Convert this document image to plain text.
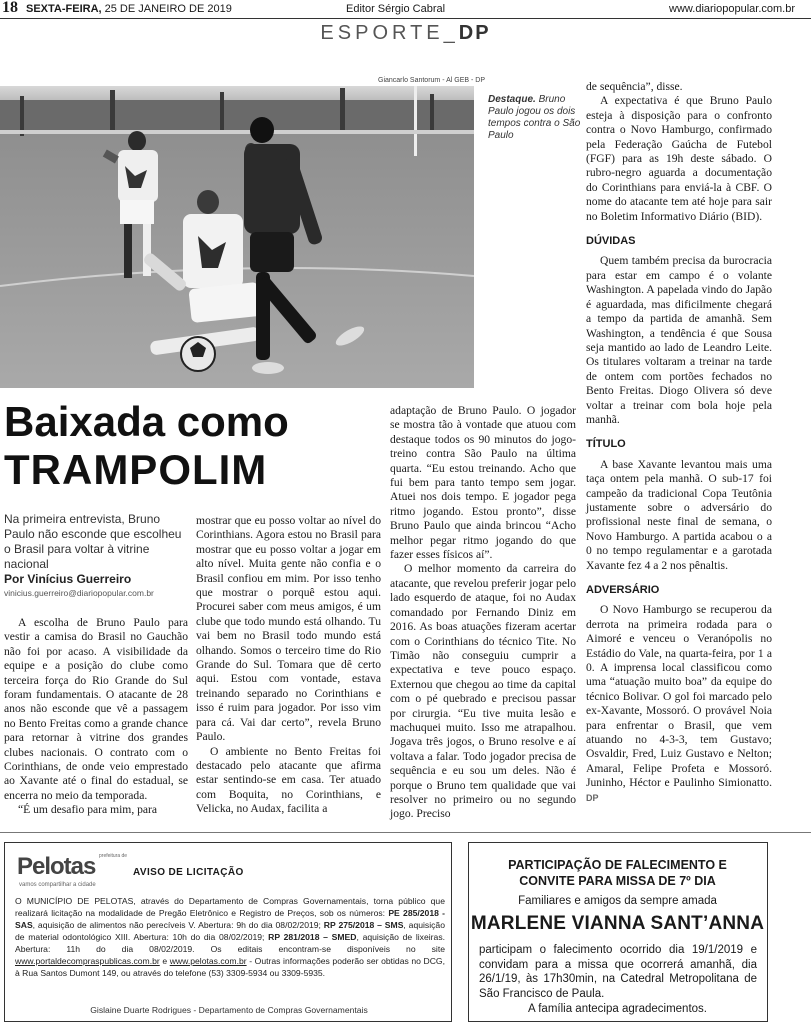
18 SEXTA-FEIRA, 25 DE JANEIRO DE 2019	Editor Sérgio Cabral	www.diariopopular.com.br
ESPORTE_DP
Giancarlo Santorum - Al GEB - DP
Destaque. Bruno Paulo jogou os dois tempos contra o São Paulo
Baixada como
TRAMPOLIM
Na primeira entrevista, Bruno Paulo não esconde que escolheu o Brasil para voltar à vitrine nacional
Por Vinícius Guerreiro
vinicius.guerreiro@diariopopular.com.br

A escolha de Bruno Paulo para vestir a camisa do Brasil no Gauchão não foi por acaso. A visibilidade da equipe e a posição do clube como terceira força do Rio Grande do Sul foram fundamentais. O atacante de 28 anos não esconde que vê a passagem no Bento Freitas como a grande chance para retornar à vitrine dos grandes clubes nacionais. O contrato com o Corinthians, de onde veio emprestado ao Xavante até o final do estadual, se encerra no meio da temporada.

“É um desafio para mim, para

mostrar que eu posso voltar ao nível do Corinthians. Agora estou no Brasil para mostrar que eu posso voltar a jogar em alto nível. Muita gente não confia e o Brasil confiou em mim. Por isso tenho que mostrar o porquê estou aqui. Procurei saber com meus amigos, é um clube que todo mundo está olhando. Tu vai bem no Brasil todo mundo está olhando. Somos o terceiro time do Rio Grande do Sul. Tomara que dê certo aqui. Estou com vontade, estava treinando separado no Corinthians e isso é ruim para jogador. Por isso vim para cá. Vai dar certo”, revela Bruno Paulo.

O ambiente no Bento Freitas foi destacado pelo atacante que afirma estar sentindo-se em casa. Ter atuado com Boquita, no Corinthians, e Velicka, no Audax, facilita a

adaptação de Bruno Paulo. O jogador se mostra tão à vontade que atuou com destaque todos os 90 minutos do jogo-treino contra São Paulo na última quarta. “Eu estou treinando. Acho que fui bem para tanto tempo sem jogar. Atuei nos dois tempo. E jogador pega ritmo jogando. Estou pronto”, disse Bruno Paulo que ainda brincou “Acho melhor pegar ritmo jogando do que fazer esses físicos aí”.

O melhor momento da carreira do atacante, que revelou preferir jogar pelo lado esquerdo de ataque, foi no Audax comandado por Fernando Diniz em 2016. As boas atuações fizeram acertar com o Corinthians do técnico Tite. No Timão não conseguiu cumprir a expectativa e teve pouco espaço. Externou que chegou ao time da capital com o pé quebrado e precisou passar por cirurgia. “Eu tive muita lesão e machuquei muito. Isso me atrapalhou. Jogava três jogos, o Bruno resolve e aí voltava a falar. Todo jogador precisa de sequência e eu sou um deles. Não é porque o Bruno tem qualidade que vai resolver no primeiro ou no segundo jogo. Preciso

de sequência”, disse.

A expectativa é que Bruno Paulo esteja à disposição para o confronto contra o Novo Hamburgo, confirmado pela Federação Gaúcha de Futebol (FGF) para as 19h deste sábado. O rubro-negro aguarda a documentação do Corinthians para enviá-la à CBF. O nome do atacante tem até hoje para sair no Boletim Informativo Diário (BID).

DÚVIDAS

Quem também precisa da burocracia para estar em campo é o volante Washington. A papelada vindo do Japão é aguardada, mas dificilmente chegará a tempo da partida de amanhã. Sem Washington, a tendência é que Sousa seja mantido ao lado de Leandro Leite. Os titulares voltaram a treinar na tarde de ontem com portões fechados no Bento Freitas. Diogo Olivera só deve voltar a treinar com bola hoje pela manhã.

TÍTULO

A base Xavante levantou mais uma taça ontem pela manhã. O sub-17 foi campeão da tradicional Copa Teutônia justamente sobre o adversário do profissional neste final de semana, o Novo Hamburgo. A partida acabou o a 0 no tempo regulamentar e a garotada Xavante fez 4 a 2 nos pênaltis.

ADVERSÁRIO

O Novo Hamburgo se recuperou da derrota na primeira rodada para o Aimoré e venceu o Veranópolis no Estádio do Vale, na quarta-feira, por 1 a 0. A imprensa local classificou como uma “atuação muito boa” da equipe do técnico Bolivar. O gol foi marcado pelo ex-Xavante, Mossoró. O provável Noia para enfrentar o Brasil, que vem atuando no 4-3-3, tem Gustavo; Osvaldir, Fred, Luiz Gustavo e Nelton; Amaral, Felipe Profeta e Mossoró. Juninho, Héctor e Paulinho Simionatto. DP

Pelotas prefeitura de
vamos compartilhar a cidade
AVISO DE LICITAÇÃO
O MUNICÍPIO DE PELOTAS, através do Departamento de Compras Governamentais, torna público que realizará licitação na modalidade de Pregão Eletrônico e Registro de Preços, sob os números: PE 285/2018 - SAS, aquisição de alimentos não perecíveis V. Abertura: 9h do dia 08/02/2019; RP 275/2018 – SMS, aquisição de material odontológico XIII. Abertura: 10h do dia 08/02/2019; RP 281/2018 – SMED, aquisição de lixeiras. Abertura: 11h do dia 08/02/2019. Os editais encontram-se disponíveis no site www.portaldecompraspublicas.com.br e www.pelotas.com.br - Outras informações poderão ser obtidas no DCG, à Rua Santos Dumont 149, ou através do telefone (53) 3309-5934 ou 3309-5935.
Gislaine Duarte Rodrigues - Departamento de Compras Governamentais
PARTICIPAÇÃO DE FALECIMENTO E
CONVITE PARA MISSA DE 7º DIA
Familiares e amigos da sempre amada
MARLENE VIANNA SANT’ANNA
participam o falecimento ocorrido dia 19/1/2019 e convidam para a missa que ocorrerá amanhã, dia 26/1/19, às 17h30min, na Catedral Metropolitana de São Francisco de Paula.
A família antecipa agradecimentos.
